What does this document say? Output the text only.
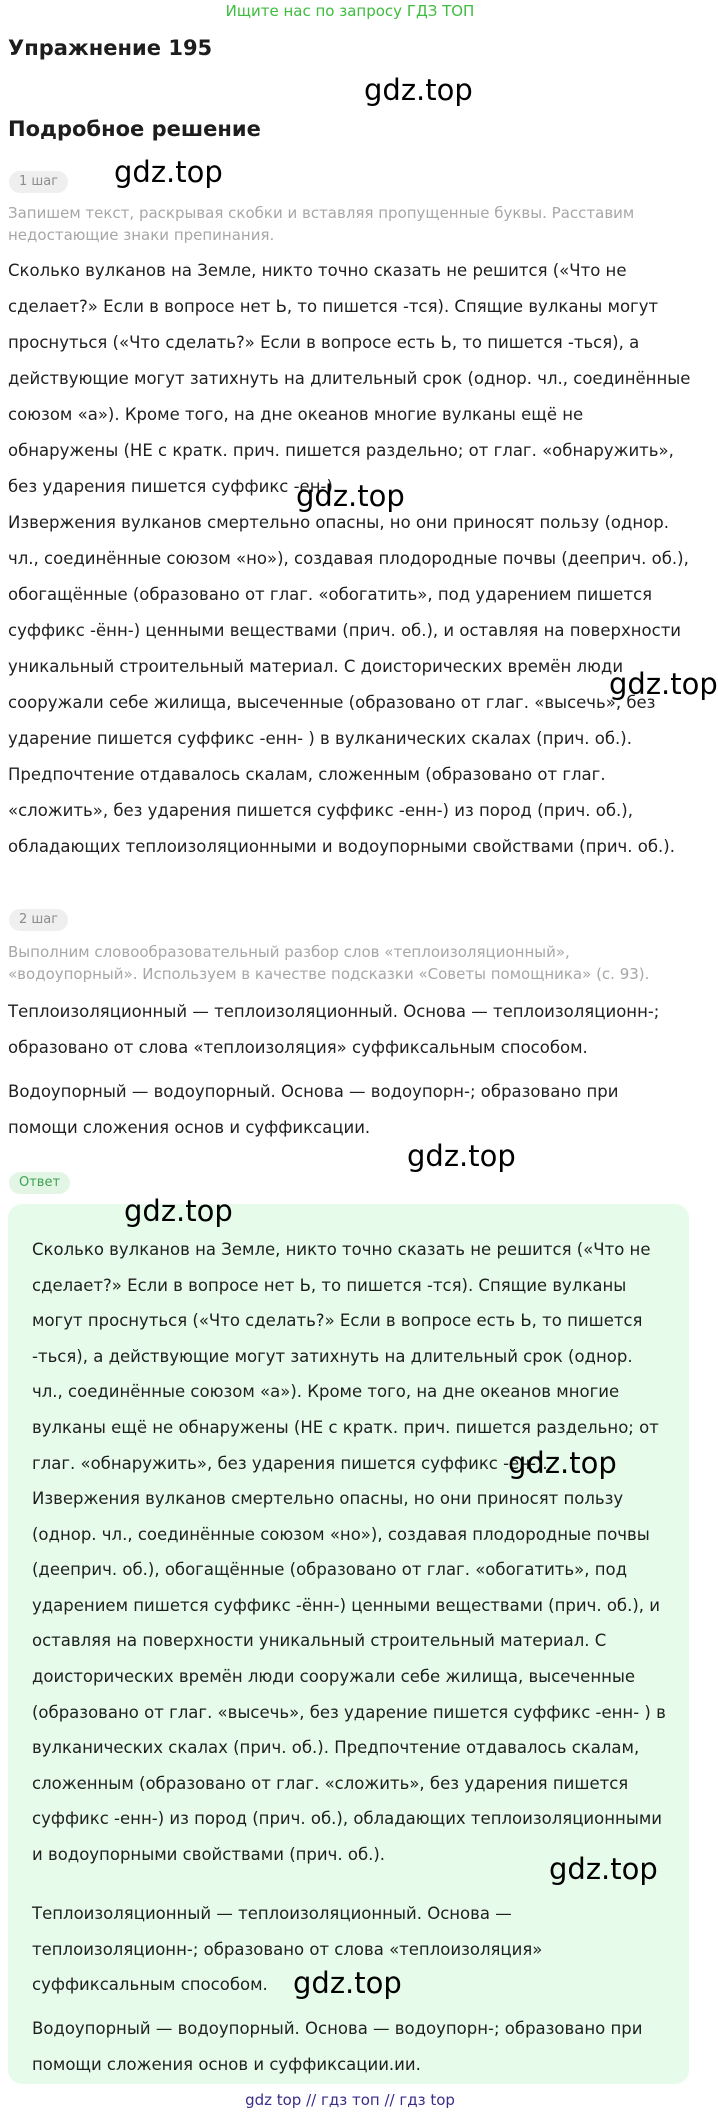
Ищите нас по запросу ГДЗ ТОП
Упражнение 195
Подробное решение
1 шаг
Запишем текст, раскрывая скобки и вставляя пропущенные буквы. Расставим недостающие знаки препинания.
Сколько вулканов на Земле, никто точно сказать не решится («Что не сделает?» Если в вопросе нет Ь, то пишется -тся). Спящие вулканы могут проснуться («Что сделать?» Если в вопросе есть Ь, то пишется -ться), а действующие могут затихнуть на длительный срок (однор. чл., соединённые союзом «а»). Кроме того, на дне океанов многие вулканы ещё не обнаружены (НЕ с кратк. прич. пишется раздельно; от глаг. «обнаружить», без ударения пишется суффикс -ен-).
Извержения вулканов смертельно опасны, но они приносят пользу (однор. чл., соединённые союзом «но»), создавая плодородные почвы (дееприч. об.), обогащённые (образовано от глаг. «обогатить», под ударением пишется суффикс -ённ-) ценными веществами (прич. об.), и оставляя на поверхности уникальный строительный материал. С доисторических времён люди сооружали себе жилища, высеченные (образовано от глаг. «высечь», без ударение пишется суффикс -енн- ) в вулканических скалах (прич. об.). Предпочтение отдавалось скалам, сложенным (образовано от глаг. «сложить», без ударения пишется суффикс -енн-) из пород (прич. об.), обладающих теплоизоляционными и водоупорными свойствами (прич. об.).
2 шаг
Выполним словообразовательный разбор слов «теплоизоляционный», «водоупорный». Используем в качестве подсказки «Советы помощника» (с. 93).
Теплоизоляционный — теплоизоляционный. Основа — теплоизоляционн-; образовано от слова «теплоизоляция» суффиксальным способом.
Водоупорный — водоупорный. Основа — водоупорн-; образовано при помощи сложения основ и суффиксации.
Ответ
Сколько вулканов на Земле, никто точно сказать не решится («Что не сделает?» Если в вопросе нет Ь, то пишется -тся). Спящие вулканы могут проснуться («Что сделать?» Если в вопросе есть Ь, то пишется -ться), а действующие могут затихнуть на длительный срок (однор. чл., соединённые союзом «а»). Кроме того, на дне океанов многие вулканы ещё не обнаружены (НЕ с кратк. прич. пишется раздельно; от глаг. «обнаружить», без ударения пишется суффикс -ен-).
Извержения вулканов смертельно опасны, но они приносят пользу (однор. чл., соединённые союзом «но»), создавая плодородные почвы (дееприч. об.), обогащённые (образовано от глаг. «обогатить», под ударением пишется суффикс -ённ-) ценными веществами (прич. об.), и оставляя на поверхности уникальный строительный материал. С доисторических времён люди сооружали себе жилища, высеченные (образовано от глаг. «высечь», без ударение пишется суффикс -енн- ) в вулканических скалах (прич. об.). Предпочтение отдавалось скалам, сложенным (образовано от глаг. «сложить», без ударения пишется суффикс -енн-) из пород (прич. об.), обладающих теплоизоляционными и водоупорными свойствами (прич. об.).
Теплоизоляционный — теплоизоляционный. Основа — теплоизоляционн-; образовано от слова «теплоизоляция» суффиксальным способом.
Водоупорный — водоупорный. Основа — водоупорн-; образовано при помощи сложения основ и суффиксации.ии.
gdz.top
gdz.top
gdz.top
gdz.top
gdz.top
gdz.top
gdz.top
gdz.top
gdz.top
gdz top // гдз топ // гдз top
